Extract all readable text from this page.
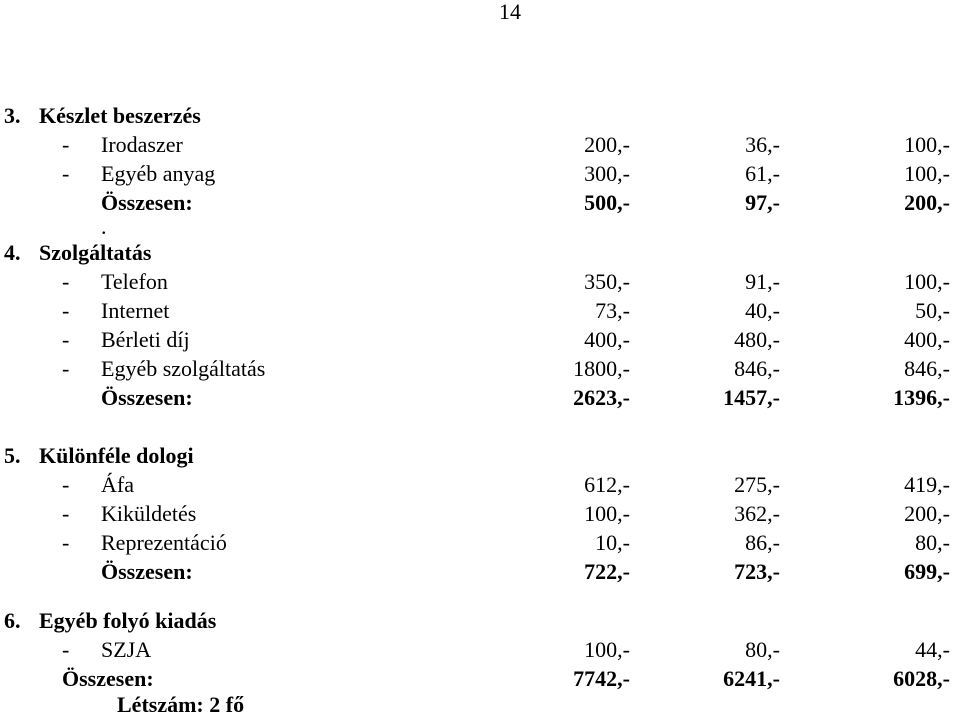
14
3. Készlet beszerzés
- Irodaszer	200,-	36,-	100,-
- Egyéb anyag	300,-	61,-	100,-
Összesen:	500,-	97,-	200,-
.
4. Szolgáltatás
- Telefon	350,-	91,-	100,-
- Internet	73,-	40,-	50,-
- Bérleti díj	400,-	480,-	400,-
- Egyéb szolgáltatás	1800,-	846,-	846,-
Összesen:	2623,-	1457,-	1396,-
5. Különféle dologi
- Áfa	612,-	275,-	419,-
- Kiküldetés	100,-	362,-	200,-
- Reprezentáció	10,-	86,-	80,-
Összesen:	722,-	723,-	699,-
6. Egyéb folyó kiadás
- SZJA	100,-	80,-	44,-
Összesen:	7742,-	6241,-	6028,-
Létszám: 2 fő
